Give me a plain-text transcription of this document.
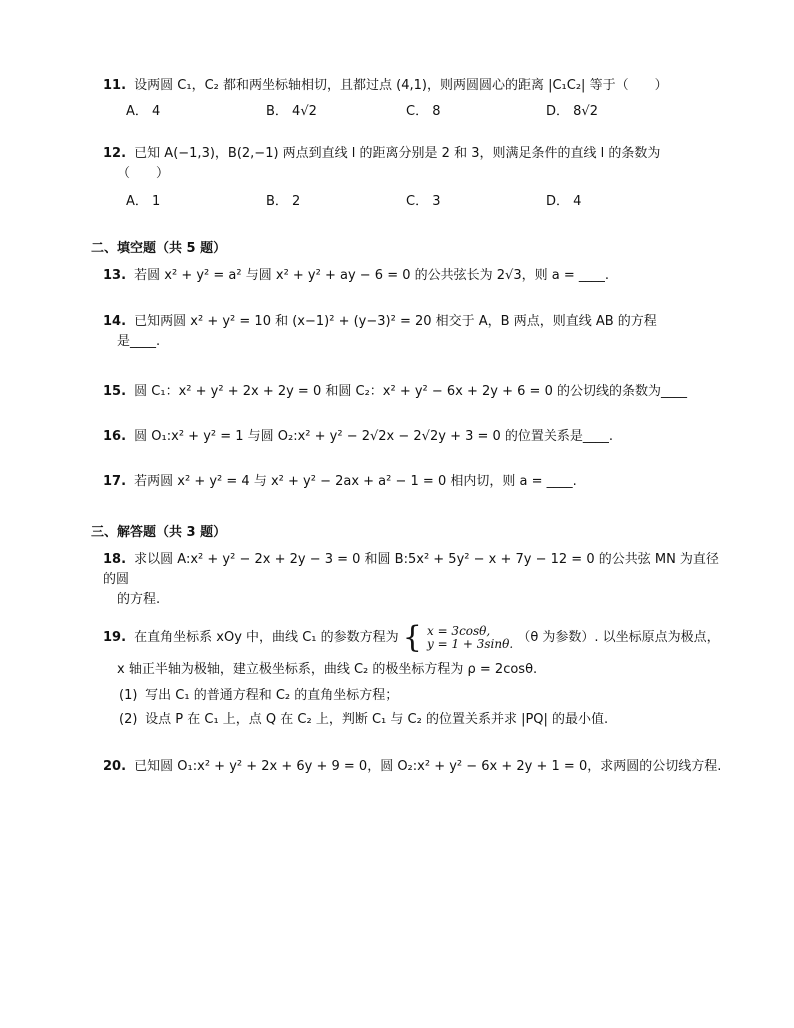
11. 设两圆 C₁，C₂ 都和两坐标轴相切，且都过点 (4,1)，则两圆圆心的距离 |C₁C₂| 等于（　　）
A． 4	B． 4√2	C． 8	D． 8√2
12. 已知 A(−1,3)，B(2,−1) 两点到直线 l 的距离分别是 2 和 3，则满足条件的直线 l 的条数为
（　　）
A． 1	B． 2	C． 3	D． 4
二、填空题（共 5 题）
13. 若圆 x² + y² = a² 与圆 x² + y² + ay − 6 = 0 的公共弦长为 2√3，则 a = ____.
14. 已知两圆 x² + y² = 10 和 (x−1)² + (y−3)² = 20 相交于 A，B 两点，则直线 AB 的方程
是____.
15. 圆 C₁：x² + y² + 2x + 2y = 0 和圆 C₂：x² + y² − 6x + 2y + 6 = 0 的公切线的条数为____
16. 圆 O₁:x² + y² = 1 与圆 O₂:x² + y² − 2√2x − 2√2y + 3 = 0 的位置关系是____.
17. 若两圆 x² + y² = 4 与 x² + y² − 2ax + a² − 1 = 0 相内切，则 a = ____.
三、解答题（共 3 题）
18. 求以圆 A:x² + y² − 2x + 2y − 3 = 0 和圆 B:5x² + 5y² − x + 7y − 12 = 0 的公共弦 MN 为直径的圆
的方程.
19. 在直角坐标系 xOy 中，曲线 C₁ 的参数方程为 { x = 3cosθ,
y = 1 + 3sinθ. （θ 为参数）. 以坐标原点为极点，
x 轴正半轴为极轴，建立极坐标系，曲线 C₂ 的极坐标方程为 ρ = 2cosθ.
(1) 写出 C₁ 的普通方程和 C₂ 的直角坐标方程；
(2) 设点 P 在 C₁ 上，点 Q 在 C₂ 上，判断 C₁ 与 C₂ 的位置关系并求 |PQ| 的最小值.
20. 已知圆 O₁:x² + y² + 2x + 6y + 9 = 0，圆 O₂:x² + y² − 6x + 2y + 1 = 0，求两圆的公切线方程.
